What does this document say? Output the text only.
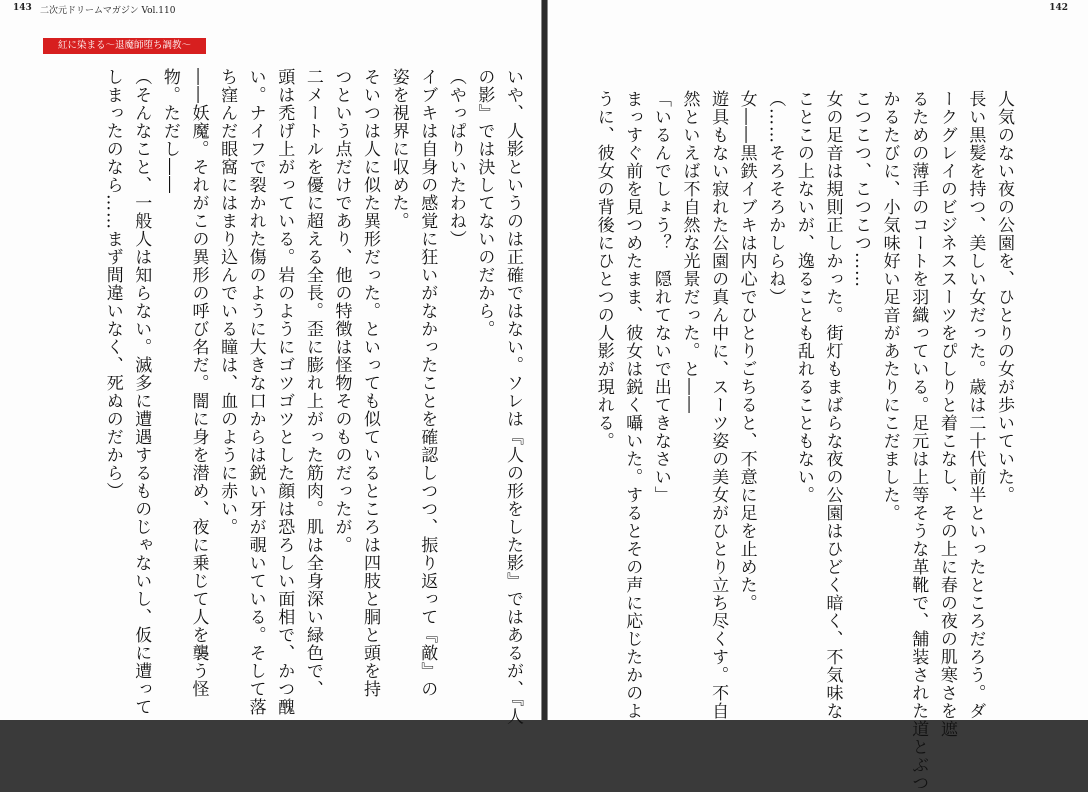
143 二次元ドリームマガジン Vol.110
紅に染まる～退魔師堕ち調教～
いや、人影というのは正確ではない。ソレは『人の形をした影』ではあるが、『人
の影』では決してないのだから。
（やっぱりいたわね）
イブキは自身の感覚に狂いがなかったことを確認しつつ、振り返って『敵』の
姿を視界に収めた。
そいつは人に似た異形だった。といっても似ているところは四肢と胴と頭を持
つという点だけであり、他の特徴は怪物そのものだったが。
二メートルを優に超える全長。歪に膨れ上がった筋肉。肌は全身深い緑色で、
頭は禿げ上がっている。岩のようにゴツゴツとした顔は恐ろしい面相で、かつ醜
い。ナイフで裂かれた傷のように大きな口からは鋭い牙が覗いている。そして落
ち窪んだ眼窩にはまり込んでいる瞳は、血のように赤い。
――妖魔。それがこの異形の呼び名だ。闇に身を潜め、夜に乗じて人を襲う怪
物。ただし――
（そんなこと、一般人は知らない。滅多に遭遇するものじゃないし、仮に遭って
しまったのなら……まず間違いなく、死ぬのだから）
142
人気のない夜の公園を、ひとりの女が歩いていた。
長い黒髪を持つ、美しい女だった。歳は二十代前半といったところだろう。ダ
ークグレイのビジネススーツをぴしりと着こなし、その上に春の夜の肌寒さを遮
るための薄手のコートを羽織っている。足元は上等そうな革靴で、舗装された道とぶつ
かるたびに、小気味好い足音があたりにこだました。
こつこつ、こつこつ……
女の足音は規則正しかった。街灯もまばらな夜の公園はひどく暗く、不気味な
ことこの上ないが、逸ることも乱れることもない。
（……そろそろかしらね）
女――黒鉄イブキは内心でひとりごちると、不意に足を止めた。
遊具もない寂れた公園の真ん中に、スーツ姿の美女がひとり立ち尽くす。不自
然といえば不自然な光景だった。と――
「いるんでしょう？　隠れてないで出てきなさい」
まっすぐ前を見つめたまま、彼女は鋭く囁いた。するとその声に応じたかのよ
うに、彼女の背後にひとつの人影が現れる。
